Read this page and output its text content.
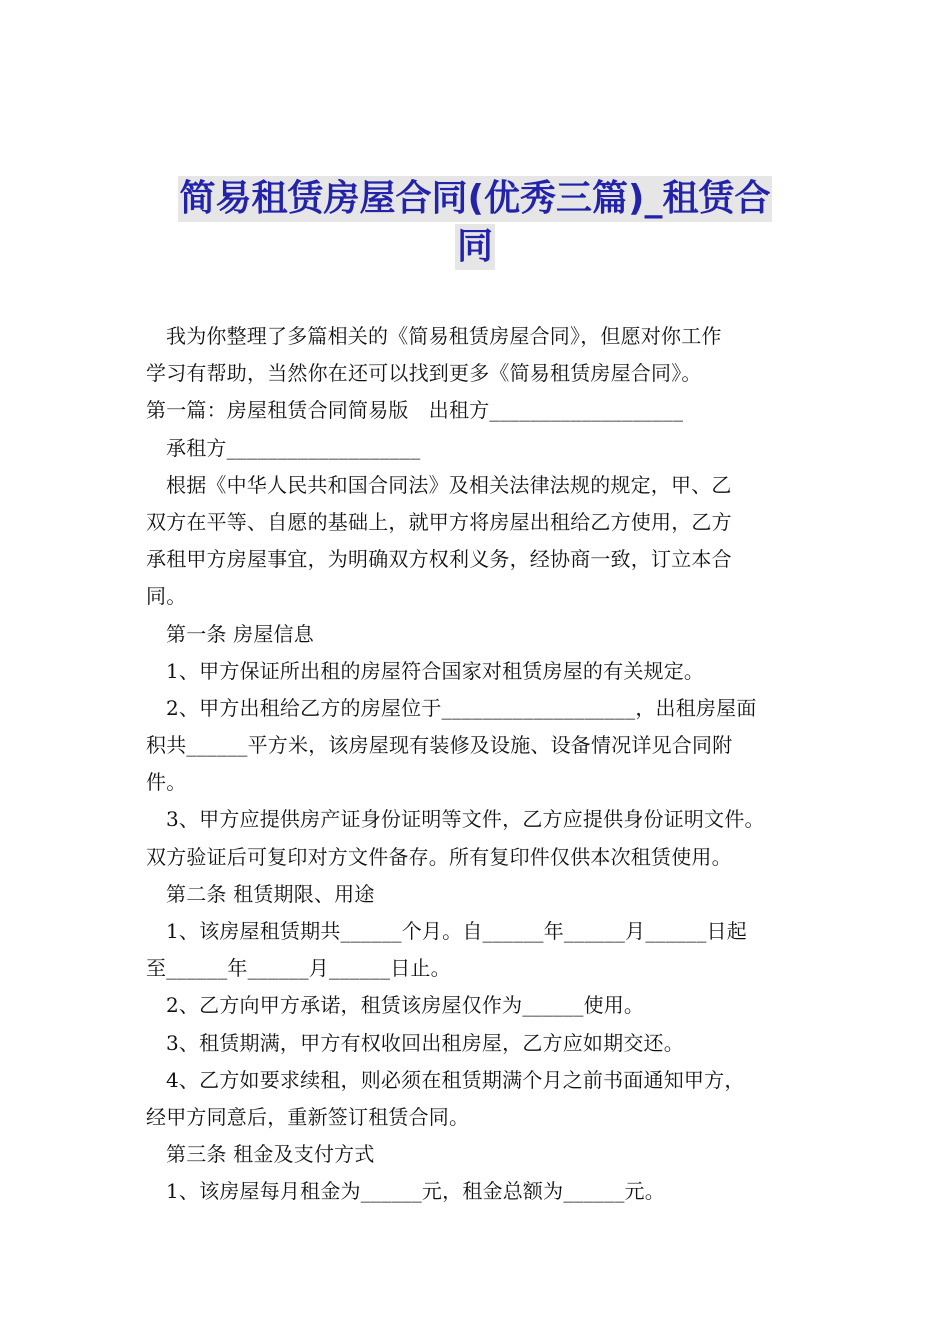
简易租赁房屋合同(优秀三篇)_租赁合
同
我为你整理了多篇相关的《简易租赁房屋合同》，但愿对你工作
学习有帮助，当然你在还可以找到更多《简易租赁房屋合同》。
第一篇：房屋租赁合同简易版　出租方___________________
承租方___________________
根据《中华人民共和国合同法》及相关法律法规的规定，甲、乙
双方在平等、自愿的基础上，就甲方将房屋出租给乙方使用，乙方
承租甲方房屋事宜，为明确双方权利义务，经协商一致，订立本合
同。
第一条 房屋信息
1、甲方保证所出租的房屋符合国家对租赁房屋的有关规定。
2、甲方出租给乙方的房屋位于___________________，出租房屋面
积共______平方米，该房屋现有装修及设施、设备情况详见合同附
件。
3、甲方应提供房产证身份证明等文件，乙方应提供身份证明文件。
双方验证后可复印对方文件备存。所有复印件仅供本次租赁使用。
第二条 租赁期限、用途
1、该房屋租赁期共______个月。自______年______月______日起
至______年______月______日止。
2、乙方向甲方承诺，租赁该房屋仅作为______使用。
3、租赁期满，甲方有权收回出租房屋，乙方应如期交还。
4、乙方如要求续租，则必须在租赁期满个月之前书面通知甲方，
经甲方同意后，重新签订租赁合同。
第三条 租金及支付方式
1、该房屋每月租金为______元，租金总额为______元。
